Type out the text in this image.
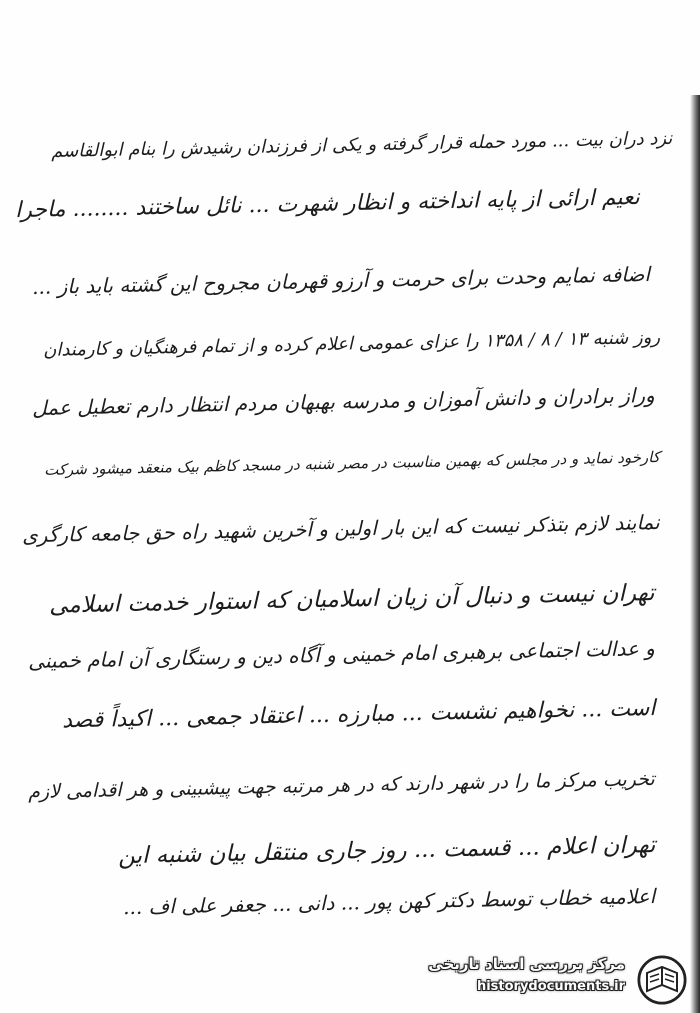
نزد دران بیت ... مورد حمله قرار گرفته و یکی از فرزندان رشیدش را بنام ابوالقاسم
نعیم ارائی از پایه انداخته و انظار شهرت ... نائل ساختند ........ ماجرا
اضافه نمایم وحدت برای حرمت و آرزو قهرمان مجروح این گشته باید باز ...
روز شنبه ۱۳ / ۸ / ۱۳۵۸ را عزای عمومی اعلام کرده و از تمام فرهنگیان و کارمندان
وراز برادران و دانش آموزان و مدرسه بهبهان مردم انتظار دارم تعطیل عمل
کارخود نماید و در مجلس که بهمین مناسبت در مصر شنبه در مسجد کاظم بیک منعقد میشود شرکت
نمایند لازم بتذکر نیست که این بار اولین و آخرین شهید راه حق جامعه کارگری
تهران نیست و دنبال آن زیان اسلامیان که استوار خدمت اسلامی
و عدالت اجتماعی برهبری امام خمینی و آگاه دین و رستگاری آن امام خمینی
است ... نخواهیم نشست ... مبارزه ... اعتقاد جمعی ... اکیداً قصد
تخریب مرکز ما را در شهر دارند که در هر مرتبه جهت پیشبینی و هر اقدامی لازم
تهران اعلام ... قسمت ... روز جاری منتقل بیان شنبه این
اعلامیه خطاب توسط دکتر کهن پور ... دانی ... جعفر علی اف ...
مرکز بررسی اسناد تاریخی
historydocuments.ir
